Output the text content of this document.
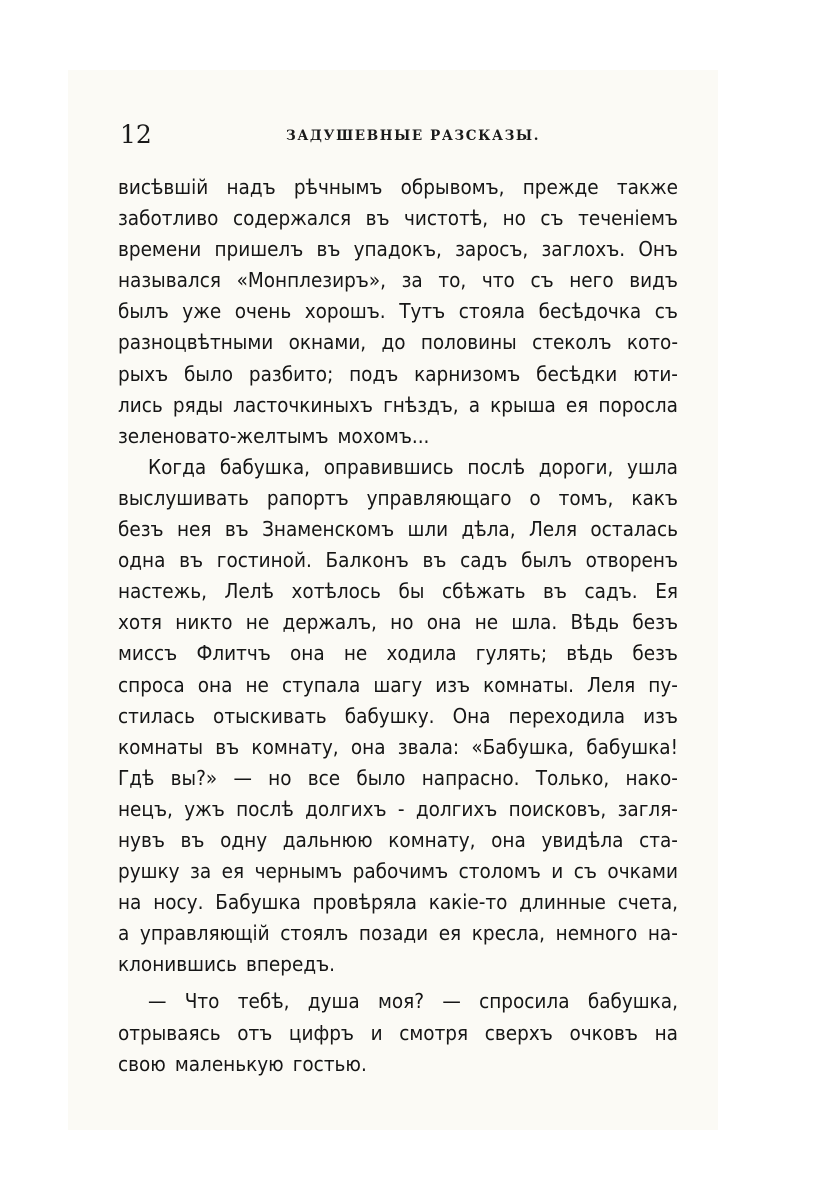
12	ЗАДУШЕВНЫЕ РАЗСКАЗЫ.
висѣвшій надъ рѣчнымъ обрывомъ, прежде также
заботливо содержался въ чистотѣ, но съ теченіемъ
времени пришелъ въ упадокъ, заросъ, заглохъ. Онъ
назывался «Монплезиръ», за то, что съ него видъ
былъ уже очень хорошъ. Тутъ стояла бесѣдочка съ
разноцвѣтными окнами, до половины стеколъ кото-
рыхъ было разбито; подъ карнизомъ бесѣдки юти-
лись ряды ласточкиныхъ гнѣздъ, а крыша ея поросла
зеленовато-желтымъ мохомъ...
Когда бабушка, оправившись послѣ дороги, ушла
выслушивать рапортъ управляющаго о томъ, какъ
безъ нея въ Знаменскомъ шли дѣла, Леля осталась
одна въ гостиной. Балконъ въ садъ былъ отворенъ
настежь, Лелѣ хотѣлось бы сбѣжать въ садъ. Ея
хотя никто не держалъ, но она не шла. Вѣдь безъ
миссъ Флитчъ она не ходила гулять; вѣдь безъ
спроса она не ступала шагу изъ комнаты. Леля пу-
стилась отыскивать бабушку. Она переходила изъ
комнаты въ комнату, она звала: «Бабушка, бабушка!
Гдѣ вы?» — но все было напрасно. Только, нако-
нецъ, ужъ послѣ долгихъ - долгихъ поисковъ, загля-
нувъ въ одну дальнюю комнату, она увидѣла ста-
рушку за ея чернымъ рабочимъ столомъ и съ очками
на носу. Бабушка провѣряла какіе-то длинные счета,
а управляющій стоялъ позади ея кресла, немного на-
клонившись впередъ.
— Что тебѣ, душа моя? — спросила бабушка,
отрываясь отъ цифръ и смотря сверхъ очковъ на
свою маленькую гостью.
